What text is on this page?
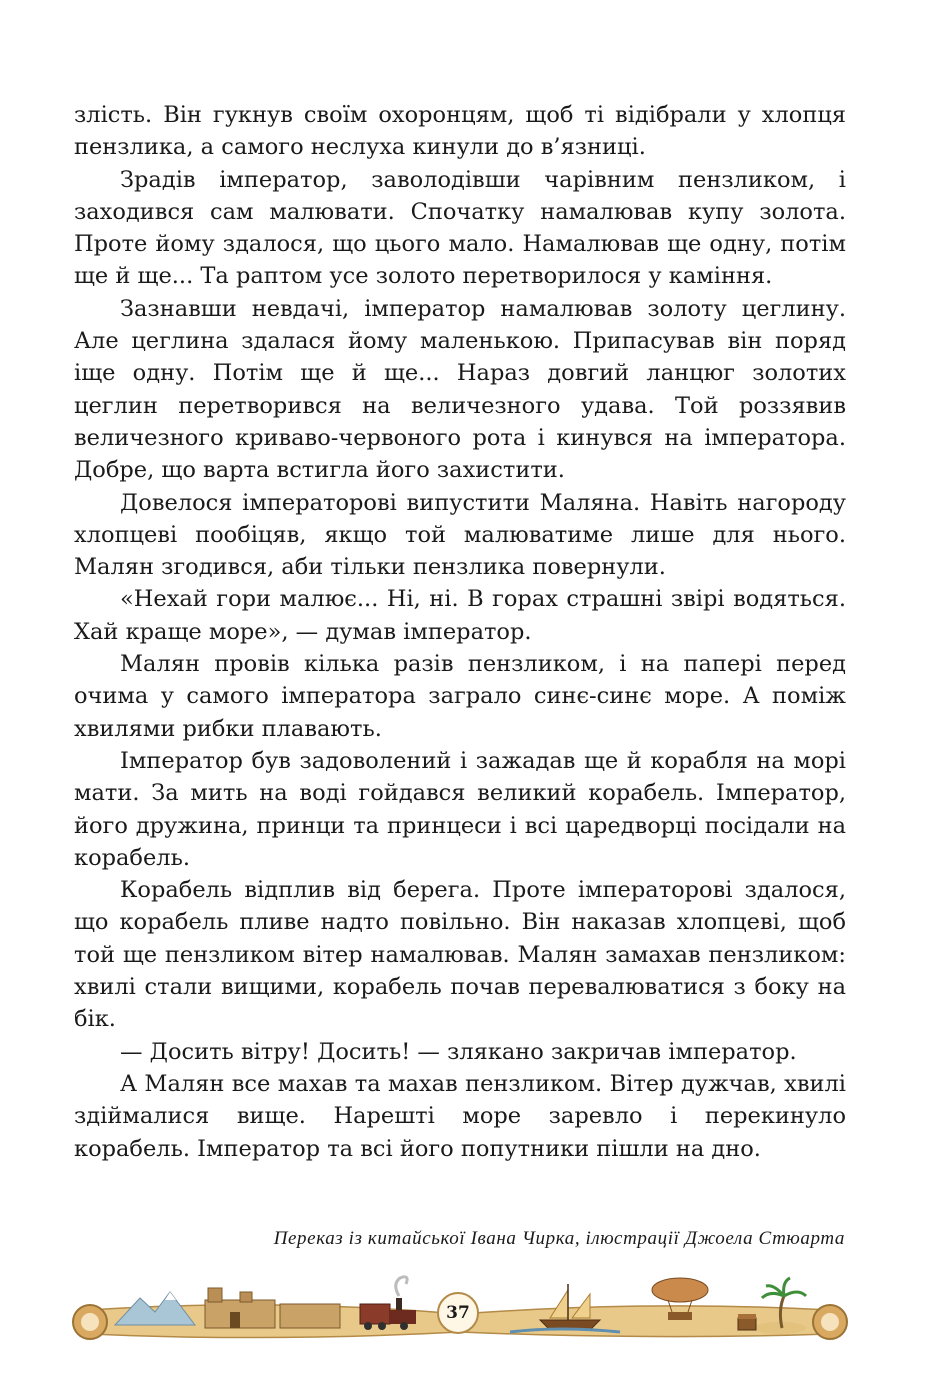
злість. Він гукнув своїм охоронцям, щоб ті відібрали у хлопця пензлика, а самого неслуха кинули до в’язниці.

Зрадів імператор, заволодівши чарівним пензликом, і заходився сам малювати. Спочатку намалював купу золота. Проте йому здалося, що цього мало. Намалював ще одну, потім ще й ще... Та раптом усе золото перетворилося у каміння.

Зазнавши невдачі, імператор намалював золоту цеглину. Але цеглина здалася йому маленькою. Припасував він поряд іще одну. Потім ще й ще... Нараз довгий ланцюг золотих цеглин перетворився на величезного удава. Той роззявив величезного криваво-червоного рота і кинувся на імператора. Добре, що варта встигла його захистити.

Довелося імператорові випустити Маляна. Навіть нагороду хлопцеві пообіцяв, якщо той малюватиме лише для нього. Малян згодився, аби тільки пензлика повернули.

«Нехай гори малює... Ні, ні. В горах страшні звірі водяться. Хай краще море», — думав імператор.

Малян провів кілька разів пензликом, і на папері перед очима у самого імператора заграло синє-синє море. А поміж хвилями рибки плавають.

Імператор був задоволений і зажадав ще й корабля на морі мати. За мить на воді гойдався великий корабель. Імператор, його дружина, принци та принцеси і всі царедворці посідали на корабель.

Корабель відплив від берега. Проте імператорові здалося, що корабель пливе надто повільно. Він наказав хлопцеві, щоб той ще пензликом вітер намалював. Малян замахав пензликом: хвилі стали вищими, корабель почав перевалюватися з боку на бік.

— Досить вітру! Досить! — злякано закричав імператор.

А Малян все махав та махав пензликом. Вітер дужчав, хвилі здіймалися вище. Нарешті море заревло і перекинуло корабель. Імператор та всі його попутники пішли на дно.

Переказ із китайської Івана Чирка, ілюстрації Джоела Стюарта
37
